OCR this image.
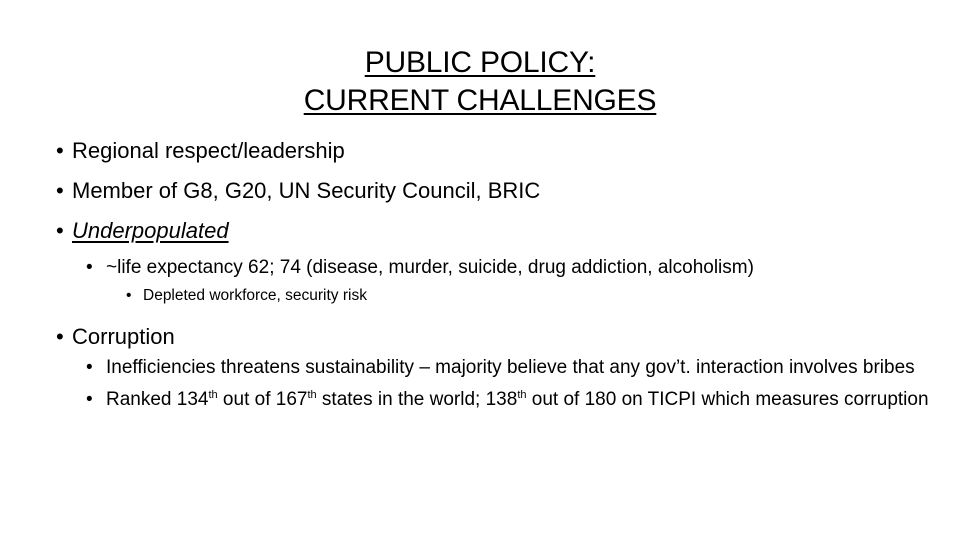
PUBLIC POLICY:
CURRENT CHALLENGES

• Regional respect/leadership

• Member of G8, G20, UN Security Council, BRIC

• Underpopulated

• ~life expectancy 62; 74 (disease, murder, suicide, drug addiction, alcoholism)

• Depleted workforce, security risk

• Corruption

• Inefficiencies threatens sustainability – majority believe that any gov’t. interaction involves bribes

• Ranked 134th out of 167th states in the world; 138th out of 180 on TICPI which measures corruption
